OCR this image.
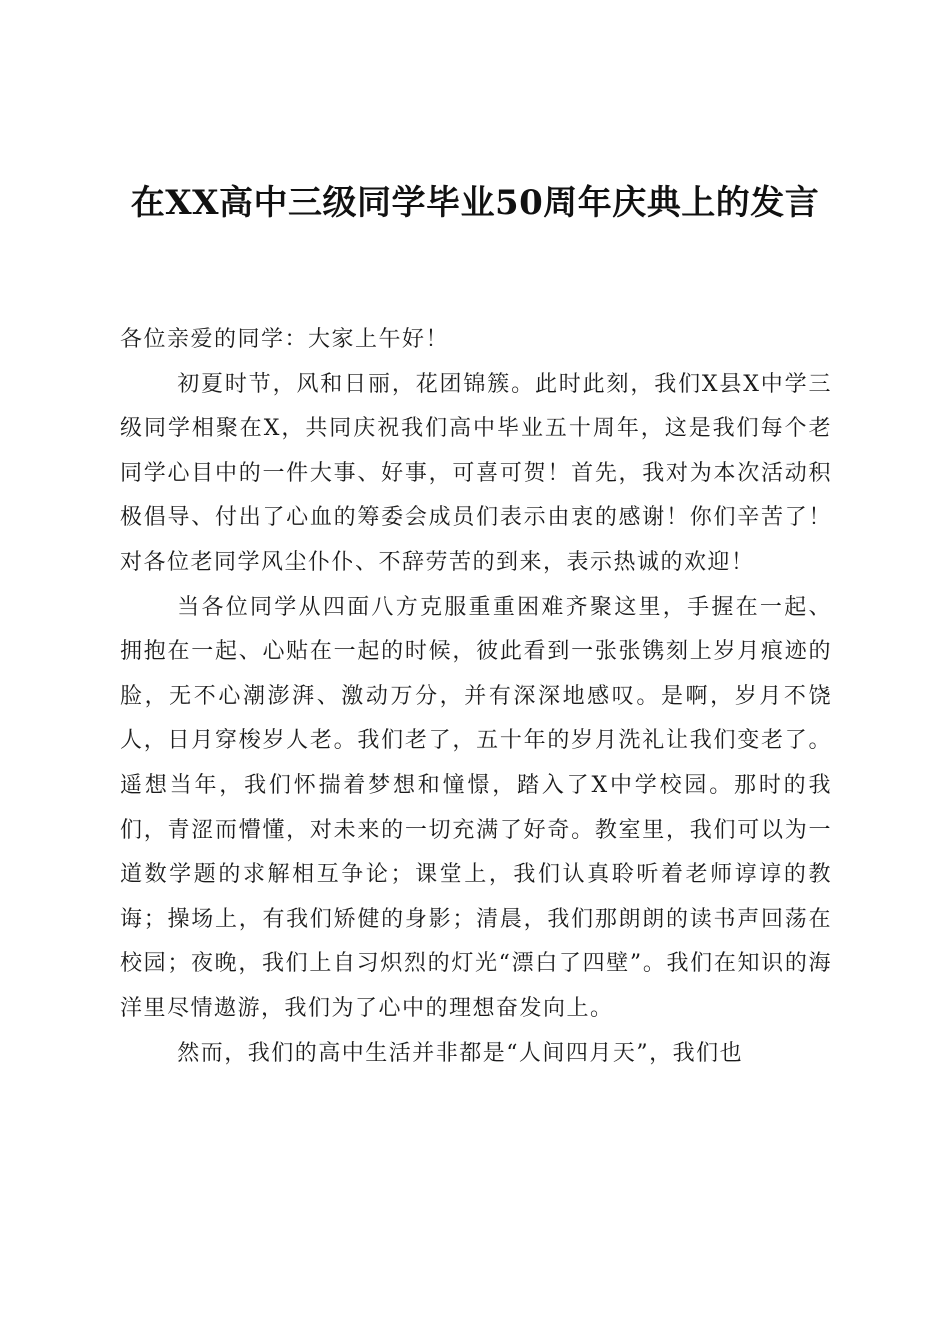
在XX高中三级同学毕业50周年庆典上的发言

各位亲爱的同学：大家上午好！

初夏时节，风和日丽，花团锦簇。此时此刻，我们X县X中学三级同学相聚在X，共同庆祝我们高中毕业五十周年，这是我们每个老同学心目中的一件大事、好事，可喜可贺！首先，我对为本次活动积极倡导、付出了心血的筹委会成员们表示由衷的感谢！你们辛苦了！对各位老同学风尘仆仆、不辞劳苦的到来，表示热诚的欢迎！

当各位同学从四面八方克服重重困难齐聚这里，手握在一起、拥抱在一起、心贴在一起的时候，彼此看到一张张镌刻上岁月痕迹的脸，无不心潮澎湃、激动万分，并有深深地感叹。是啊，岁月不饶人，日月穿梭岁人老。我们老了，五十年的岁月洗礼让我们变老了。遥想当年，我们怀揣着梦想和憧憬，踏入了X中学校园。那时的我们，青涩而懵懂，对未来的一切充满了好奇。教室里，我们可以为一道数学题的求解相互争论；课堂上，我们认真聆听着老师谆谆的教诲；操场上，有我们矫健的身影；清晨，我们那朗朗的读书声回荡在校园；夜晚，我们上自习炽烈的灯光“漂白了四壁”。我们在知识的海洋里尽情遨游，我们为了心中的理想奋发向上。

然而，我们的高中生活并非都是“人间四月天”，我们也
